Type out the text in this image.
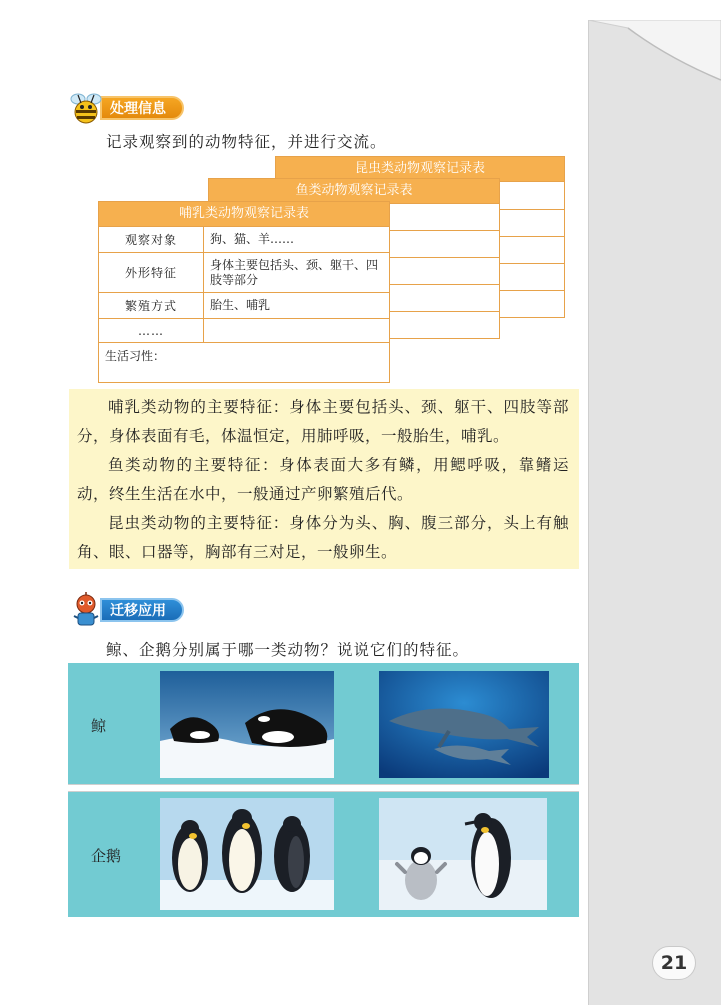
21
处理信息
记录观察到的动物特征，并进行交流。
昆虫类动物观察记录表
鱼类动物观察记录表
哺乳类动物观察记录表
观察对象	狗、猫、羊……
外形特征
身体主要包括头、颈、躯干、四肢等部分
繁殖方式	胎生、哺乳
……
生活习性：

哺乳类动物的主要特征：身体主要包括头、颈、躯干、四肢等部分，身体表面有毛，体温恒定，用肺呼吸，一般胎生，哺乳。

鱼类动物的主要特征：身体表面大多有鳞，用鳃呼吸，靠鳍运动，终生生活在水中，一般通过产卵繁殖后代。

昆虫类动物的主要特征：身体分为头、胸、腹三部分，头上有触角、眼、口器等，胸部有三对足，一般卵生。

迁移应用
鲸、企鹅分别属于哪一类动物？说说它们的特征。
鲸
企鹅
